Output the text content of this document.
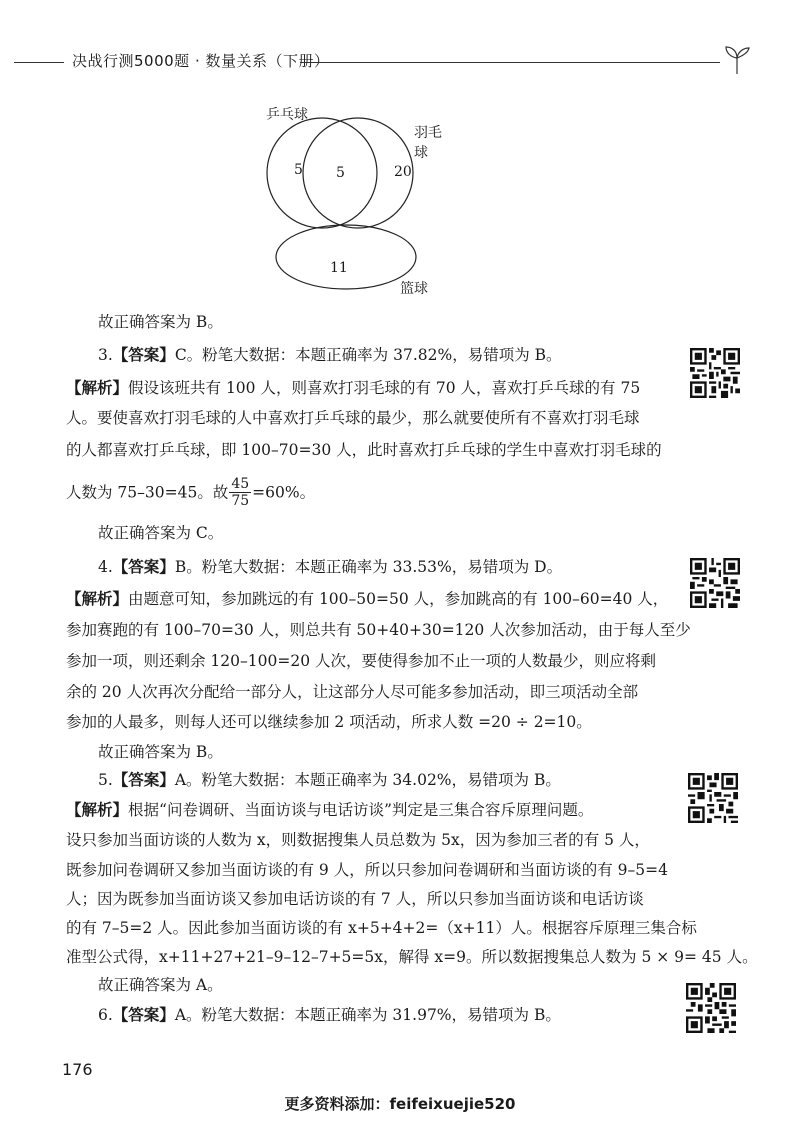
决战行测5000题 · 数量关系（下册）
乒乓球
羽毛球
篮球
5 5	20
11
故正确答案为 B。
3.【答案】C。粉笔大数据：本题正确率为 37.82%，易错项为 B。
【解析】假设该班共有 100 人，则喜欢打羽毛球的有 70 人，喜欢打乒乓球的有 75
人。要使喜欢打羽毛球的人中喜欢打乒乓球的最少，那么就要使所有不喜欢打羽毛球
的人都喜欢打乒乓球，即 100–70=30 人，此时喜欢打乒乓球的学生中喜欢打羽毛球的
人数为 75–30=45。故 $\frac{45}{75} =60\%$。
故正确答案为 C。
4.【答案】B。粉笔大数据：本题正确率为 33.53%，易错项为 D。
【解析】由题意可知，参加跳远的有 100–50=50 人，参加跳高的有 100–60=40 人，
参加赛跑的有 100–70=30 人，则总共有 50+40+30=120 人次参加活动，由于每人至少
参加一项，则还剩余 120–100=20 人次，要使得参加不止一项的人数最少，则应将剩
余的 20 人次再次分配给一部分人，让这部分人尽可能多参加活动，即三项活动全部
参加的人最多，则每人还可以继续参加 2 项活动，所求人数 =20 ÷ 2=10。
故正确答案为 B。
5.【答案】A。粉笔大数据：本题正确率为 34.02%，易错项为 B。
【解析】根据“问卷调研、当面访谈与电话访谈”判定是三集合容斥原理问题。
设只参加当面访谈的人数为 x，则数据搜集人员总数为 5x，因为参加三者的有 5 人，
既参加问卷调研又参加当面访谈的有 9 人，所以只参加问卷调研和当面访谈的有 9–5=4
人；因为既参加当面访谈又参加电话访谈的有 7 人，所以只参加当面访谈和电话访谈
的有 7–5=2 人。因此参加当面访谈的有 x+5+4+2=（x+11）人。根据容斥原理三集合标
准型公式得，x+11+27+21–9–12–7+5=5x，解得 x=9。所以数据搜集总人数为 5 × 9= 45 人。
故正确答案为 A。
6.【答案】A。粉笔大数据：本题正确率为 31.97%，易错项为 B。
176
更多资料添加：feifeixuejie520
